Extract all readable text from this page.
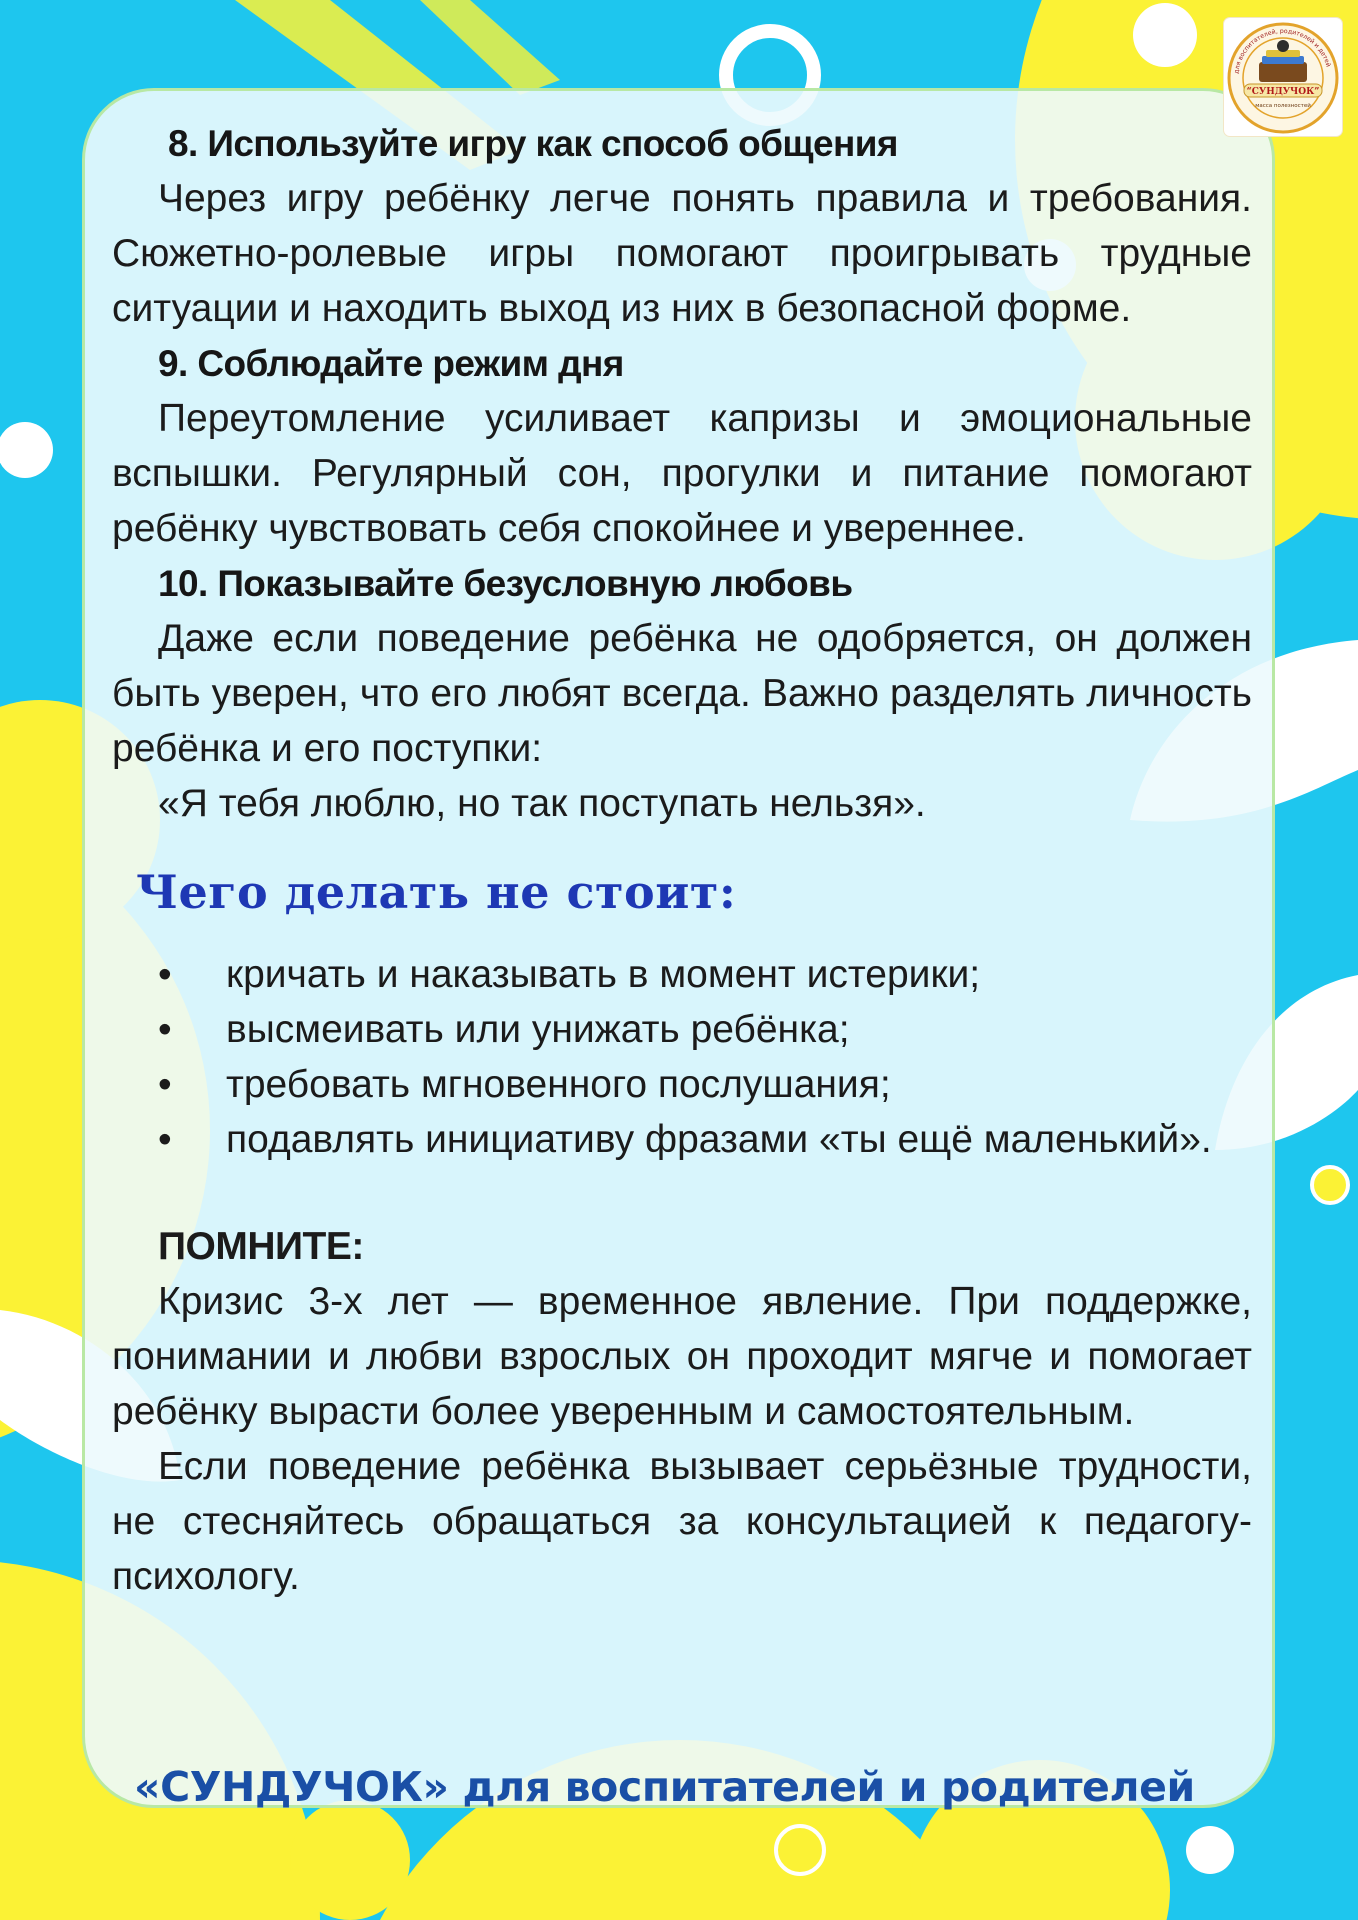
8. Используйте игру как способ общения

Через игру ребёнку легче понять правила и требования. Сюжетно-ролевые игры помогают проигрывать трудные ситуации и находить выход из них в безопасной форме.

9. Соблюдайте режим дня

Переутомление усиливает капризы и эмоциональные вспышки. Регулярный сон, прогулки и питание помогают ребёнку чувствовать себя спокойнее и увереннее.

10. Показывайте безусловную любовь

Даже если поведение ребёнка не одобряется, он должен быть уверен, что его любят всегда. Важно разделять личность ребёнка и его поступки:

«Я тебя люблю, но так поступать нельзя».

Чего делать не стоит:

• кричать и наказывать в момент истерики;

• высмеивать или унижать ребёнка;

• требовать мгновенного послушания;

• подавлять инициативу фразами «ты ещё маленький».

ПОМНИТЕ:

Кризис 3-х лет — временное явление. При поддержке, понимании и любви взрослых он проходит мягче и помогает ребёнку вырасти более уверенным и самостоятельным.

Если поведение ребёнка вызывает серьёзные трудности, не стесняйтесь обращаться за консультацией к педагогу-психологу.

«СУНДУЧОК» для воспитателей и родителей
для воспитателей, родителей и детей
“СУНДУЧОК”
масса полезностей
